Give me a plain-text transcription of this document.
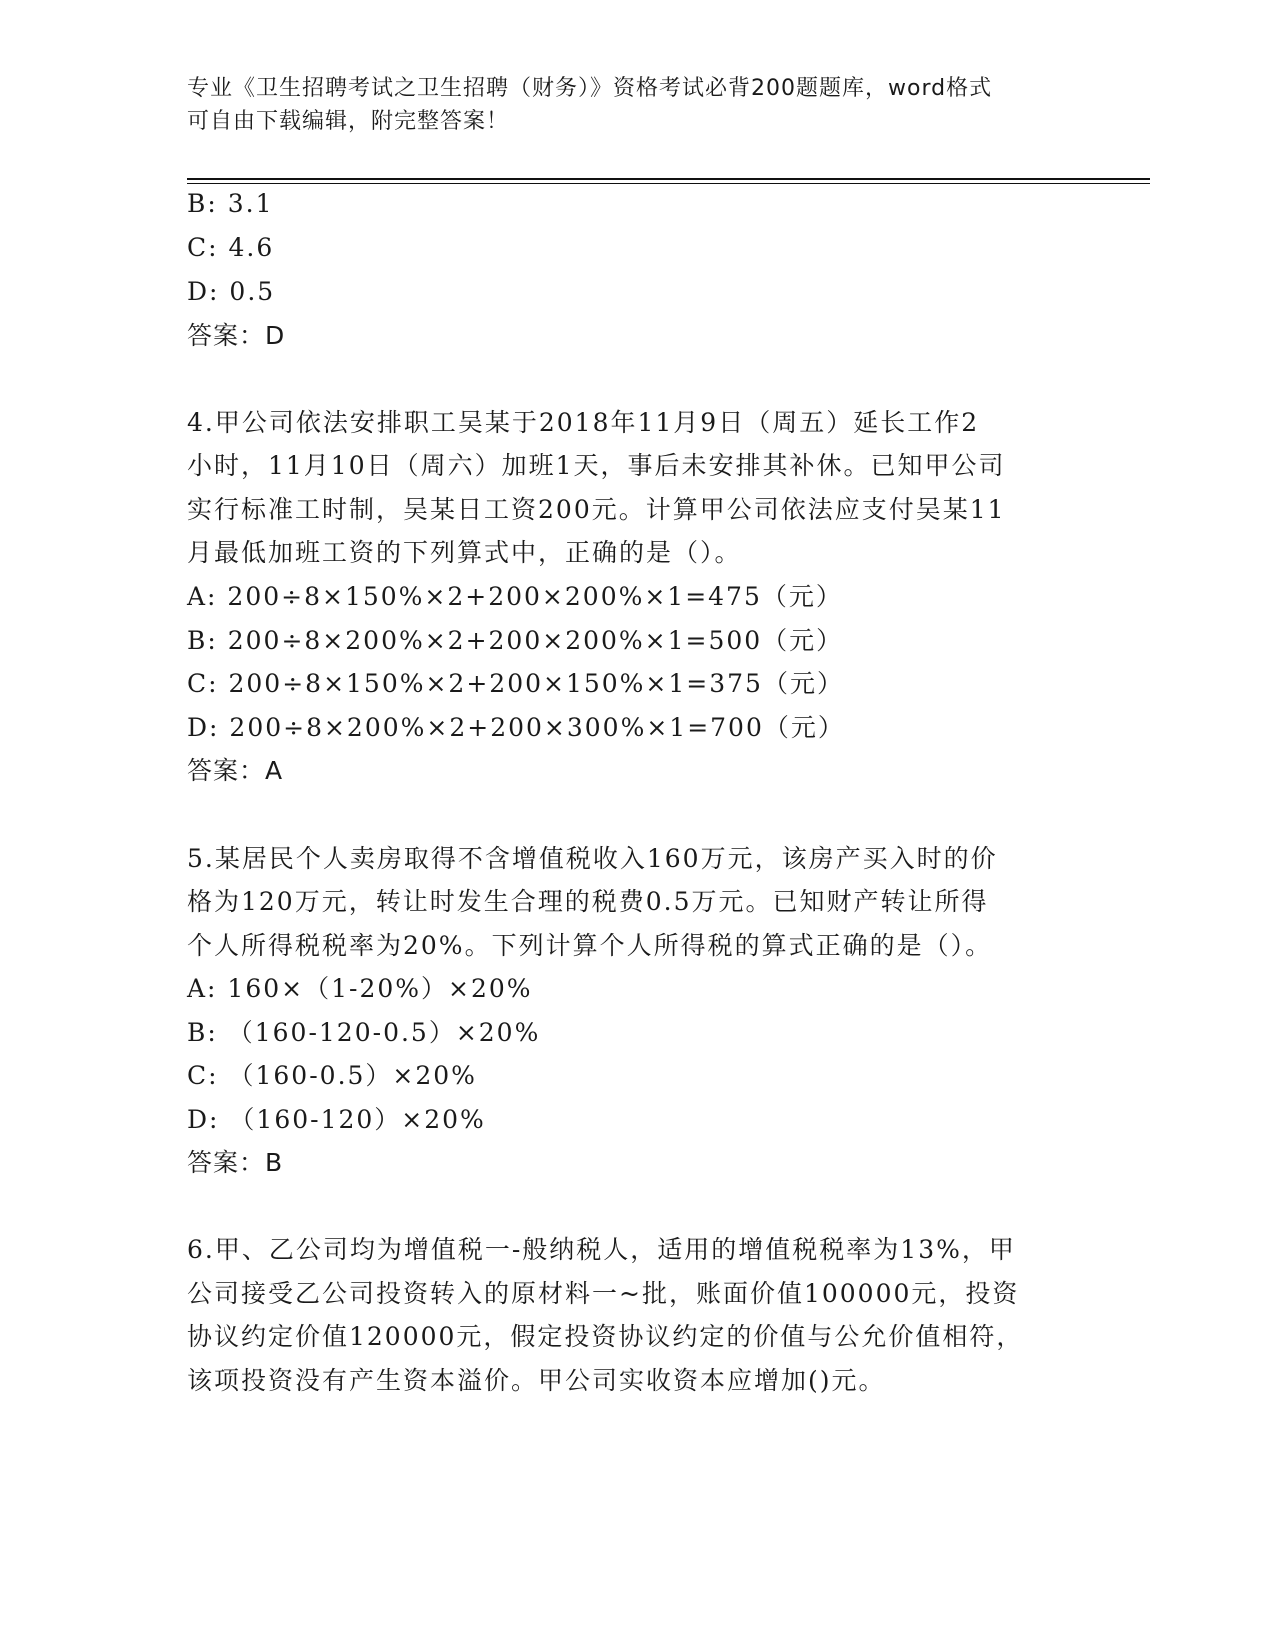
专业《卫生招聘考试之卫生招聘（财务）》资格考试必背200题题库，word格式
可自由下载编辑，附完整答案！
B: 3.1
C: 4.6
D: 0.5
答案：D
4.甲公司依法安排职工吴某于2018年11月9日（周五）延长工作2
小时，11月10日（周六）加班1天，事后未安排其补休。已知甲公司
实行标准工时制，吴某日工资200元。计算甲公司依法应支付吴某11
月最低加班工资的下列算式中，正确的是（）。
A: 200÷8×150%×2+200×200%×1=475（元）
B: 200÷8×200%×2+200×200%×1=500（元）
C: 200÷8×150%×2+200×150%×1=375（元）
D: 200÷8×200%×2+200×300%×1=700（元）
答案：A
5.某居民个人卖房取得不含增值税收入160万元，该房产买入时的价
格为120万元，转让时发生合理的税费0.5万元。已知财产转让所得
个人所得税税率为20%。下列计算个人所得税的算式正确的是（）。
A: 160×（1-20%）×20%
B: （160-120-0.5）×20%
C: （160-0.5）×20%
D: （160-120）×20%
答案：B
6.甲、乙公司均为增值税一-般纳税人，适用的增值税税率为13%，甲
公司接受乙公司投资转入的原材料一~批，账面价值100000元，投资
协议约定价值120000元，假定投资协议约定的价值与公允价值相符，
该项投资没有产生资本溢价。甲公司实收资本应增加()元。
